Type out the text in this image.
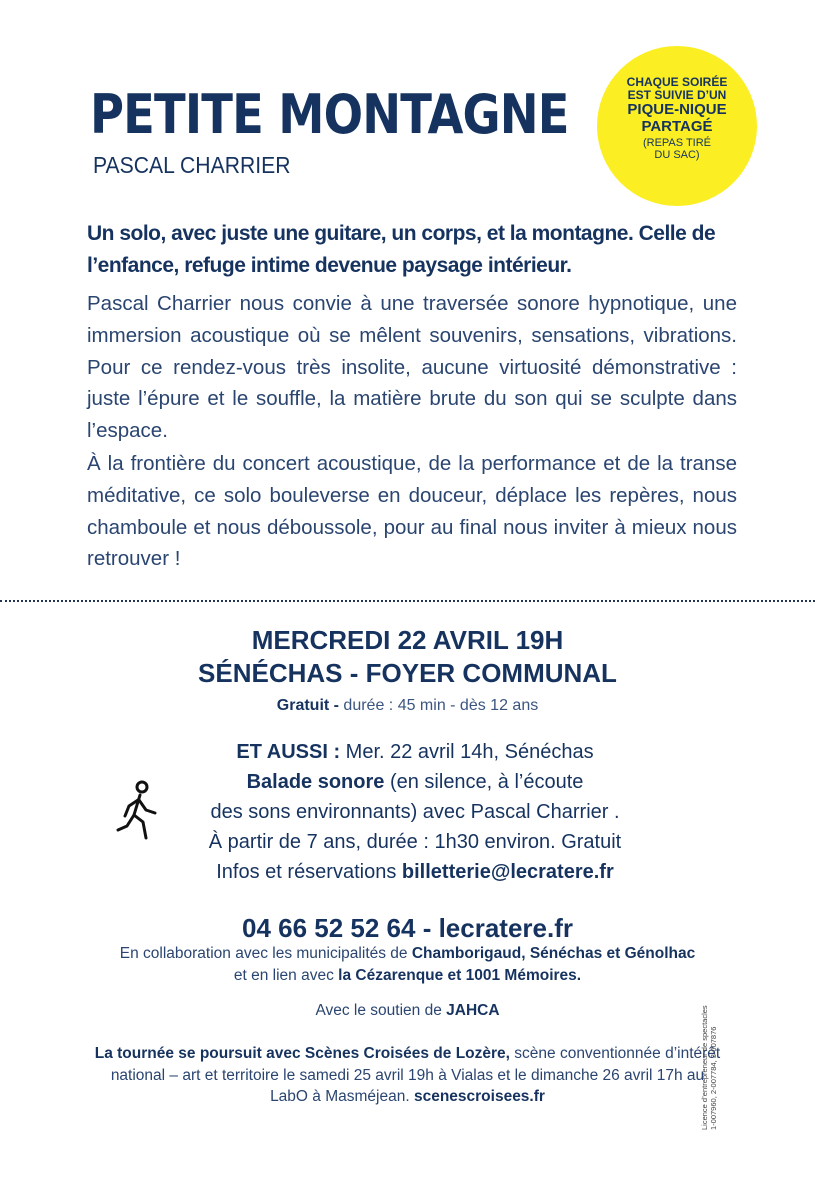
PETITE MONTAGNE
PASCAL CHARRIER
CHAQUE SOIRÉE
EST SUIVIE D’UN
PIQUE-NIQUE
PARTAGÉ
(REPAS TIRÉ
DU SAC)

Un solo, avec juste une guitare, un corps, et la montagne. Celle de l’enfance, refuge intime devenue paysage intérieur.

Pascal Charrier nous convie à une traversée sonore hypnotique, une immersion acoustique où se mêlent souvenirs, sensations, vibrations. Pour ce rendez-vous très insolite, aucune virtuosité démonstrative : juste l’épure et le souffle, la matière brute du son qui se sculpte dans l’espace.

À la frontière du concert acoustique, de la performance et de la transe méditative, ce solo bouleverse en douceur, déplace les repères, nous chamboule et nous déboussole, pour au final nous inviter à mieux nous retrouver !

MERCREDI 22 AVRIL 19H
SÉNÉCHAS - FOYER COMMUNAL
Gratuit - durée : 45 min - dès 12 ans
ET AUSSI : Mer. 22 avril 14h, Sénéchas
Balade sonore (en silence, à l’écoute
des sons environnants) avec Pascal Charrier .
À partir de 7 ans, durée : 1h30 environ. Gratuit
Infos et réservations billetterie@lecratere.fr
04 66 52 52 64 - lecratere.fr
En collaboration avec les municipalités de Chamborigaud, Sénéchas et Génolhac
et en lien avec la Cézarenque et 1001 Mémoires.
Avec le soutien de JAHCA
La tournée se poursuit avec Scènes Croisées de Lozère, scène conventionnée d’intérêt national – art et territoire le samedi 25 avril 19h à Vialas et le dimanche 26 avril 17h au LabO à Masméjean. scenescroisees.fr	Licence d’entrepreneur de spectacles 1-007960, 2-007784, 3-007876
